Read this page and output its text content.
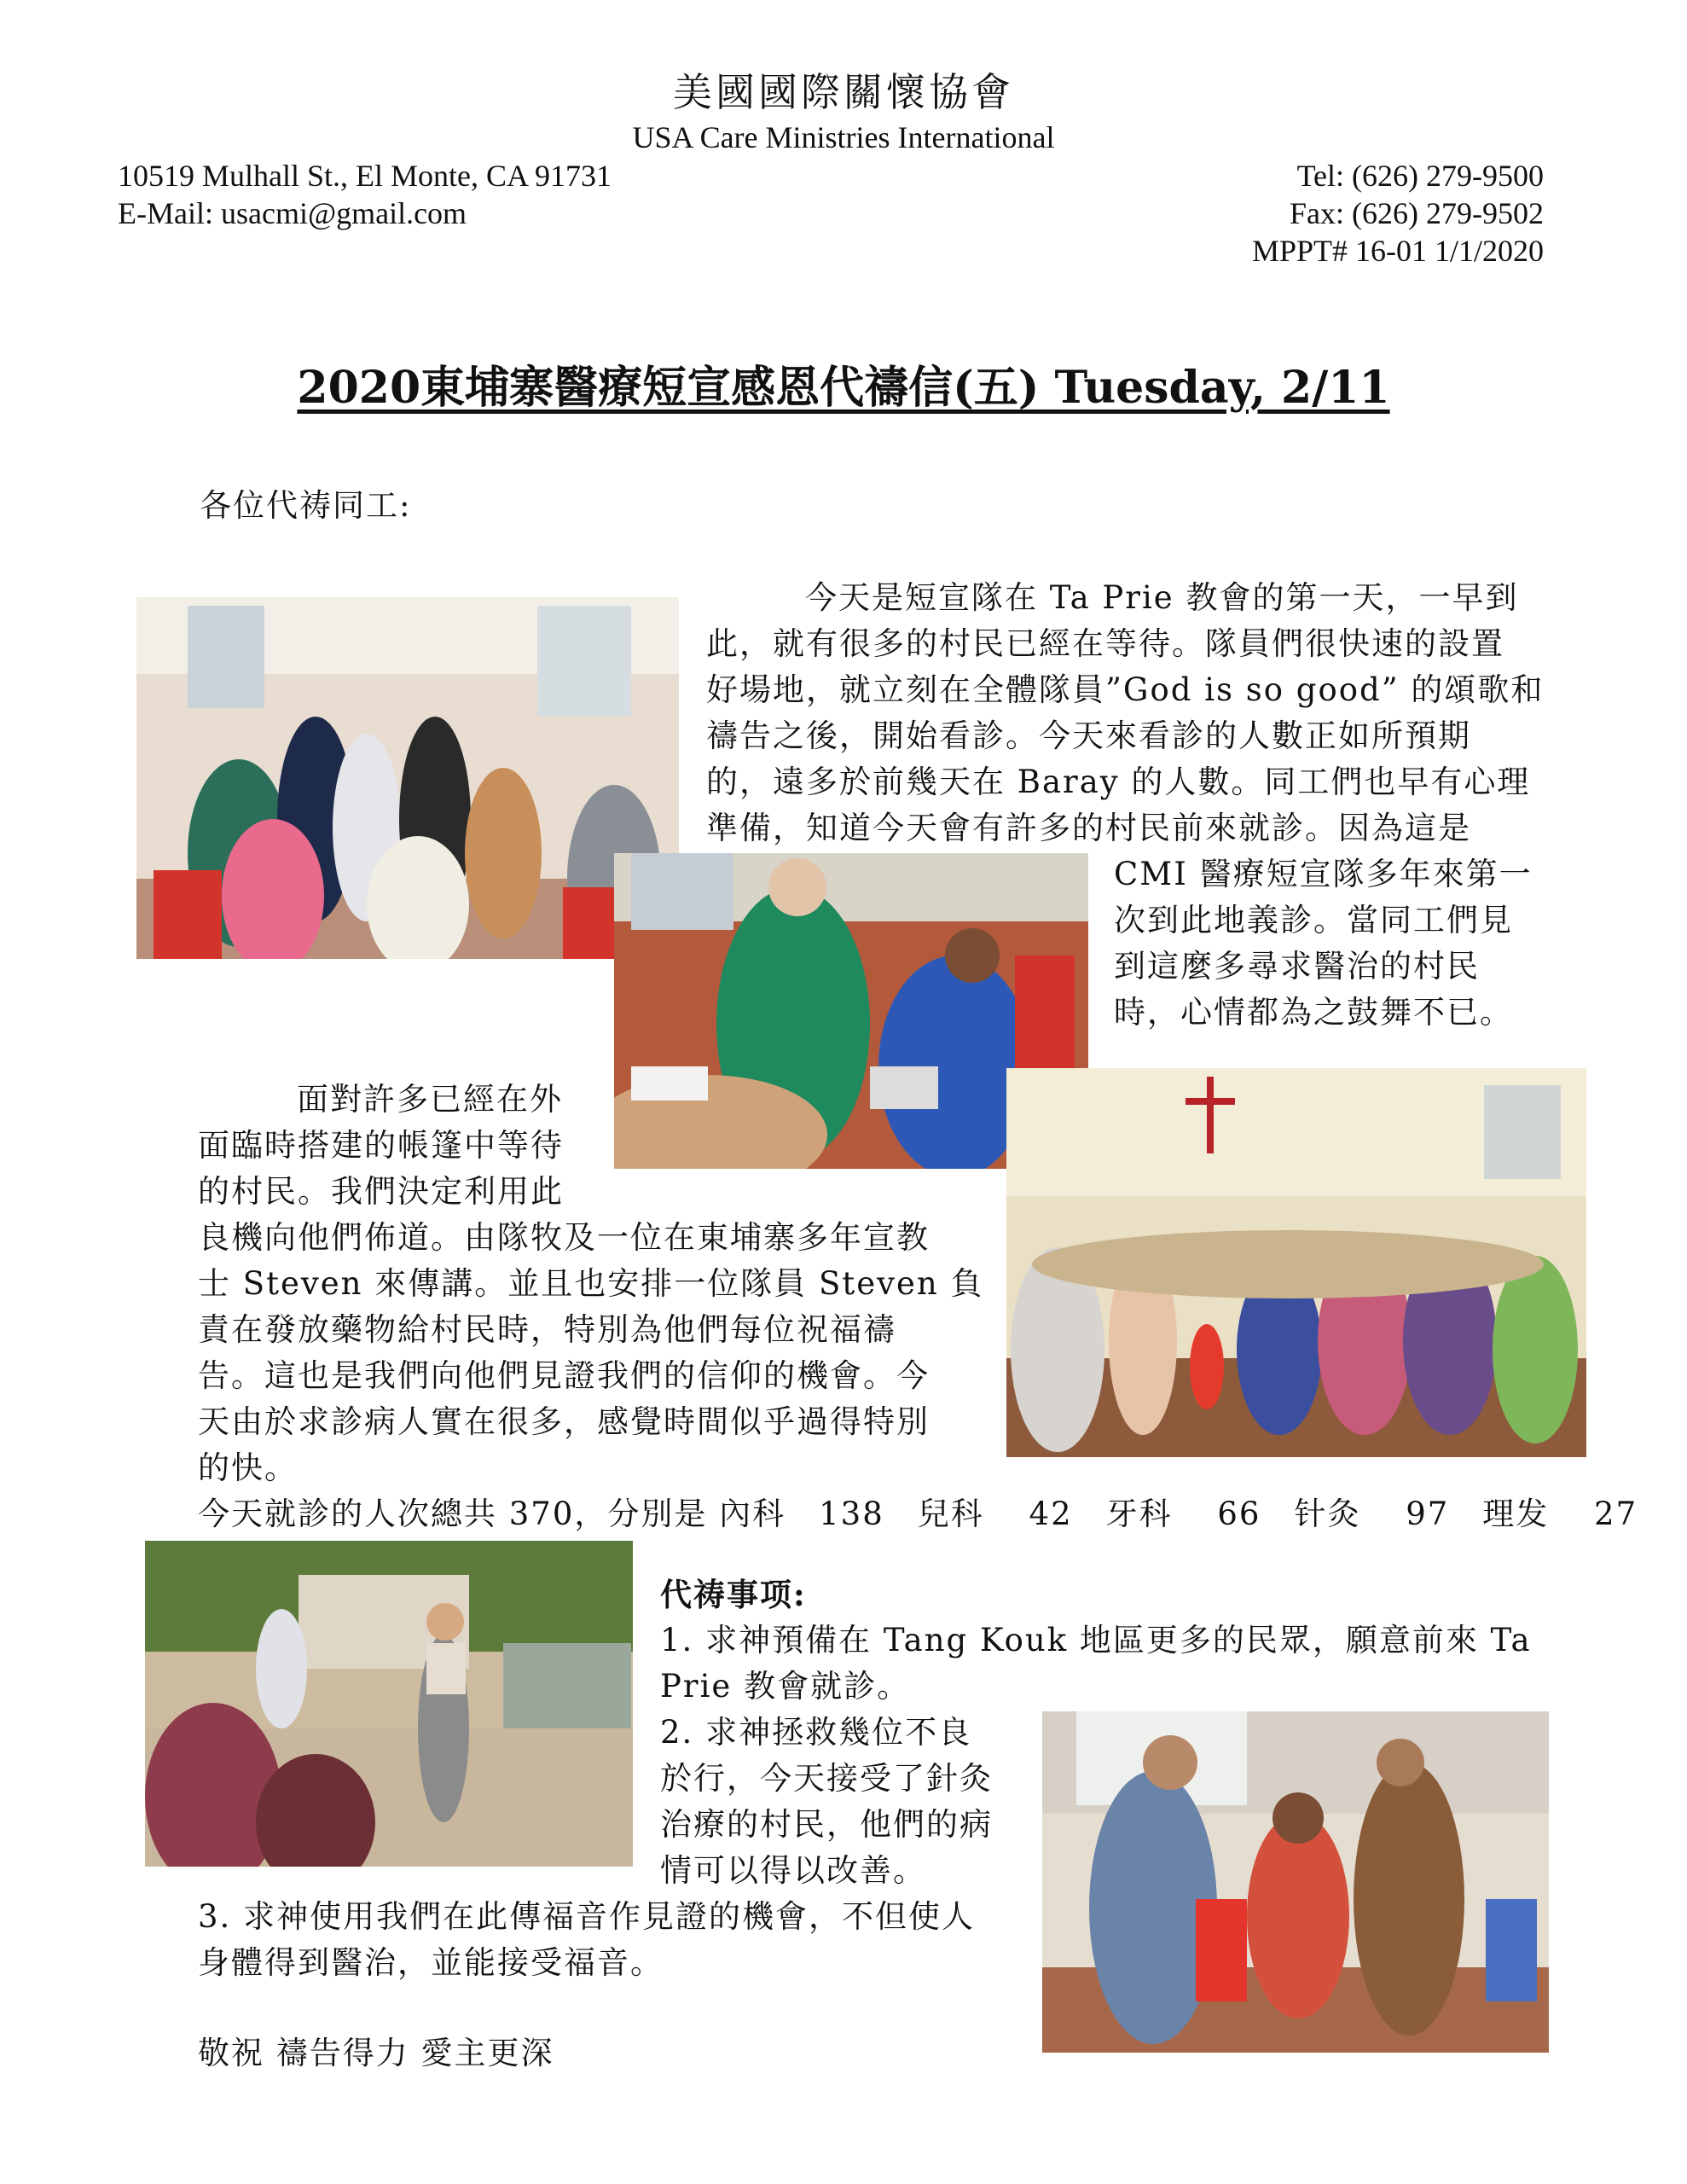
美國國際關懷協會
USA Care Ministries International
10519 Mulhall St., El Monte, CA 91731
E-Mail: usacmi@gmail.com
Tel: (626) 279-9500
Fax: (626) 279-9502
MPPT# 16-01 1/1/2020
2020東埔寨醫療短宣感恩代禱信(五) Tuesday, 2/11
各位代祷同工:
今天是短宣隊在 Ta Prie 教會的第一天，一早到
此，就有很多的村民已經在等待。隊員們很快速的設置
好場地，就立刻在全體隊員”God is so good” 的頌歌和
禱告之後，開始看診。今天來看診的人數正如所預期
的，遠多於前幾天在 Baray 的人數。同工們也早有心理
準備，知道今天會有許多的村民前來就診。因為這是
CMI 醫療短宣隊多年來第一
次到此地義診。當同工們見
到這麼多尋求醫治的村民
時，心情都為之鼓舞不已。
面對許多已經在外
面臨時搭建的帳篷中等待
的村民。我們決定利用此
良機向他們佈道。由隊牧及一位在東埔寨多年宣教
士 Steven 來傳講。並且也安排一位隊員 Steven 負
責在發放藥物給村民時，特別為他們每位祝福禱
告。這也是我們向他們見證我們的信仰的機會。今
天由於求診病人實在很多，感覺時間似乎過得特別
的快。
今天就診的人次總共 370，分別是 內科　138　兒科　 42　牙科　 66　针灸　 97　理发　 27
代祷事项:
1. 求神預備在 Tang Kouk 地區更多的民眾，願意前來 Ta
Prie 教會就診。
2. 求神拯救幾位不良
於行，今天接受了針灸
治療的村民，他們的病
情可以得以改善。
3. 求神使用我們在此傳福音作見證的機會，不但使人
身體得到醫治，並能接受福音。
敬祝 禱告得力 愛主更深
